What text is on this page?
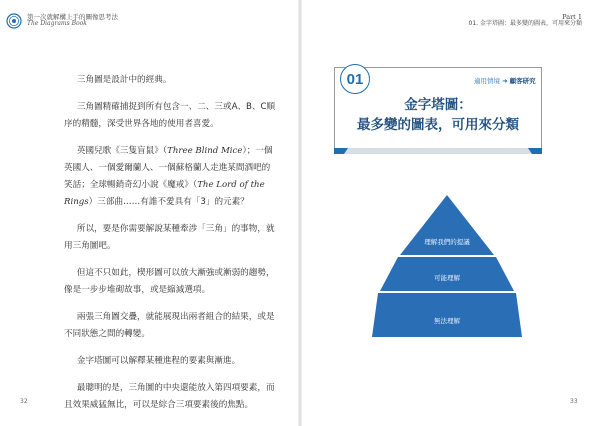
第一次就解構上手的圖像思考法
The Diagrams Book
Part 1
01. 金字塔圖：最多變的圖表，可用來分類

三角圖是設計中的經典。

三角圖精確捕捉到所有包含一、二、三或A、B、C順序的精髓，深受世界各地的使用者喜愛。

英國兒歌《三隻盲鼠》（Three Blind Mice）；一個英國人、一個愛爾蘭人、一個蘇格蘭人走進某間酒吧的笑話；全球暢銷奇幻小說《魔戒》（The Lord of the Rings）三部曲……有誰不愛具有「3」的元素？

所以，要是你需要解說某種牽涉「三角」的事物，就用三角圖吧。

但這不只如此，楔形圖可以放大漸強或漸弱的趨勢，像是一步步堆砌故事，或是縮減選項。

兩張三角圖交疊，就能展現出兩者組合的結果，或是不同狀態之間的轉變。

金字塔圖可以解釋某種進程的要素與漸進。

最聰明的是，三角圖的中央還能放入第四項要素，而且效果威猛無比，可以是綜合三項要素後的焦點。

32
01	適用情境 ➜ 顧客研究
金字塔圖：
最多變的圖表，可用來分類
理解我們的提議
可能理解
無法理解
33
